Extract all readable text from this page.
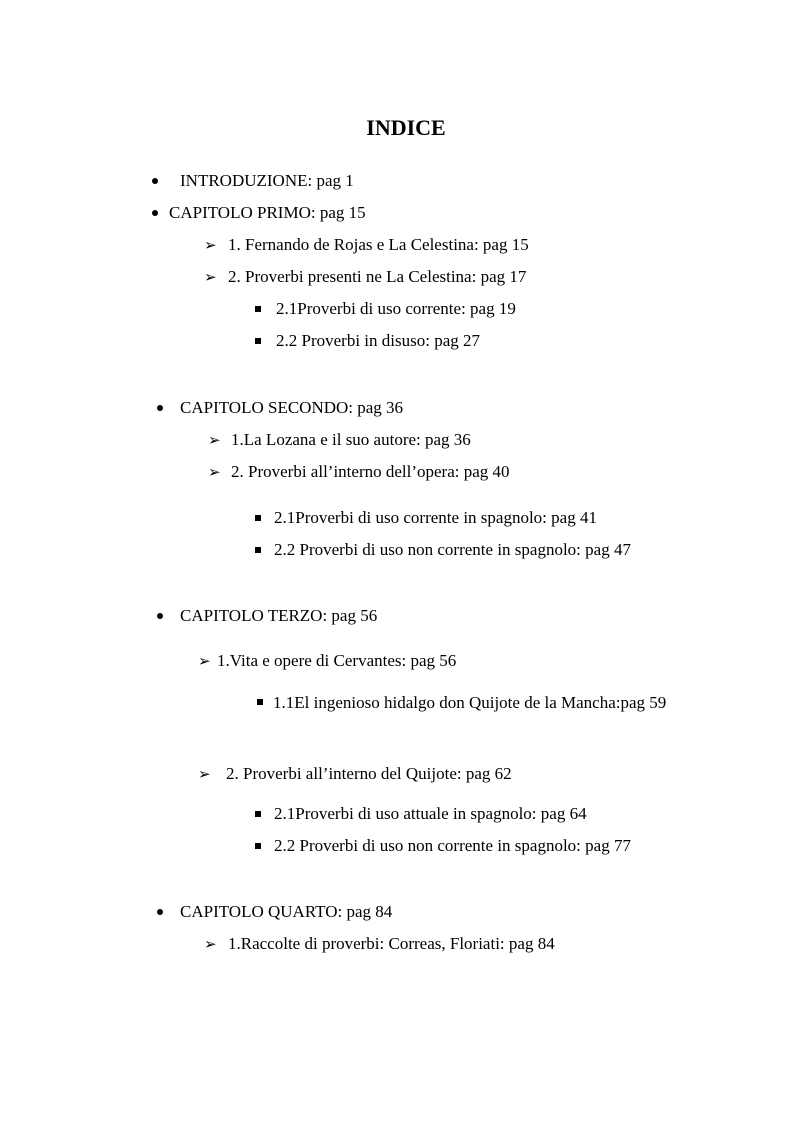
INDICE
INTRODUZIONE: pag 1
CAPITOLO PRIMO: pag 15
➢ 1. Fernando de Rojas e La Celestina: pag 15
➢ 2. Proverbi presenti ne La Celestina: pag 17
2.1Proverbi di uso corrente: pag 19
2.2 Proverbi in disuso: pag 27
CAPITOLO SECONDO: pag 36
➢ 1.La Lozana e il suo autore: pag 36
➢ 2. Proverbi all’interno dell’opera: pag 40
2.1Proverbi di uso corrente in spagnolo: pag 41
2.2 Proverbi di uso non corrente in spagnolo: pag 47
CAPITOLO TERZO: pag 56
➢ 1.Vita e opere di Cervantes: pag 56
1.1El ingenioso hidalgo don Quijote de la Mancha:pag 59
➢ 2. Proverbi all’interno del Quijote: pag 62
2.1Proverbi di uso attuale in spagnolo: pag 64
2.2 Proverbi di uso non corrente in spagnolo: pag 77
CAPITOLO QUARTO: pag 84
➢ 1.Raccolte di proverbi: Correas, Floriati: pag 84
